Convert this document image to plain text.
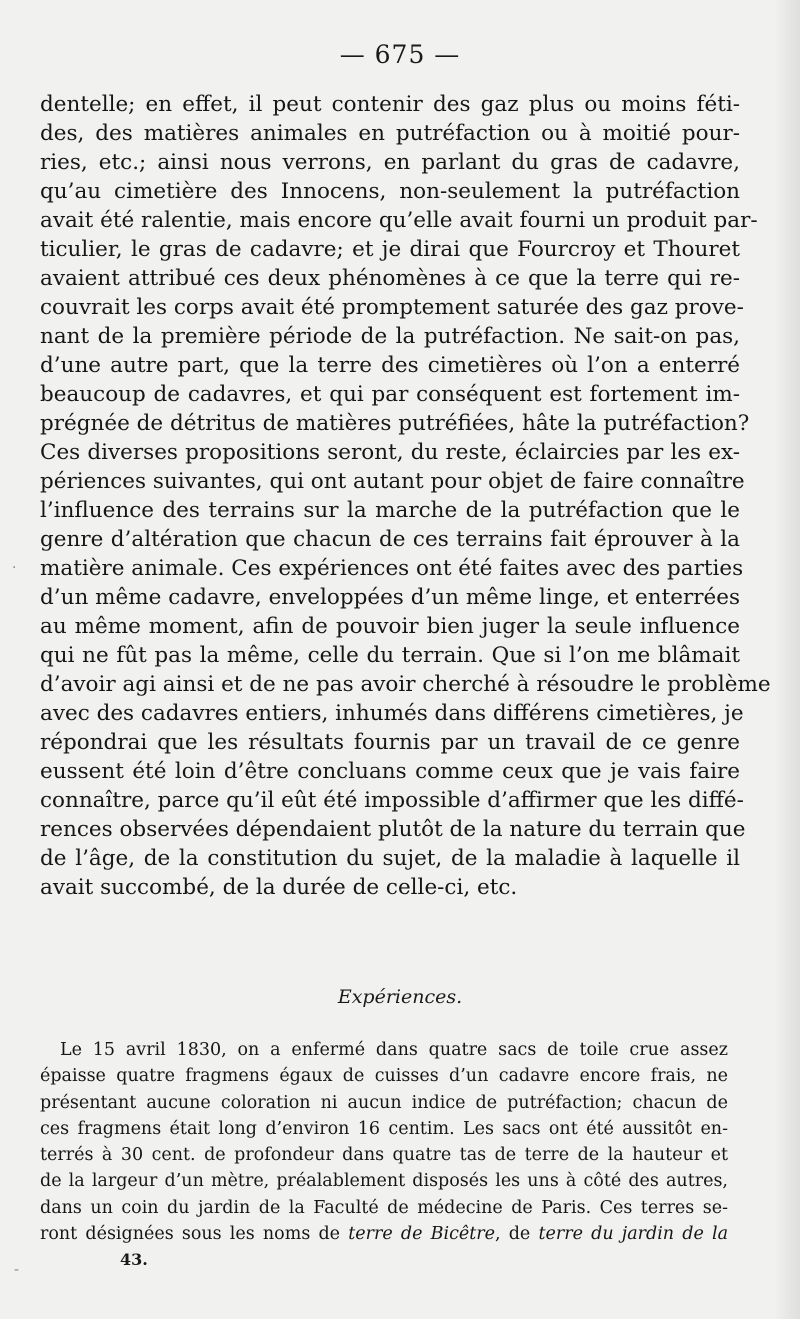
— 675 —
dentelle; en effet, il peut contenir des gaz plus ou moins féti-
des, des matières animales en putréfaction ou à moitié pour-
ries, etc.; ainsi nous verrons, en parlant du gras de cadavre,
qu’au cimetière des Innocens, non-seulement la putréfaction
avait été ralentie, mais encore qu’elle avait fourni un produit par-
ticulier, le gras de cadavre; et je dirai que Fourcroy et Thouret
avaient attribué ces deux phénomènes à ce que la terre qui re-
couvrait les corps avait été promptement saturée des gaz prove-
nant de la première période de la putréfaction. Ne sait-on pas,
d’une autre part, que la terre des cimetières où l’on a enterré
beaucoup de cadavres, et qui par conséquent est fortement im-
prégnée de détritus de matières putréfiées, hâte la putréfaction?
Ces diverses propositions seront, du reste, éclaircies par les ex-
périences suivantes, qui ont autant pour objet de faire connaître
l’influence des terrains sur la marche de la putréfaction que le
genre d’altération que chacun de ces terrains fait éprouver à la
matière animale. Ces expériences ont été faites avec des parties
d’un même cadavre, enveloppées d’un même linge, et enterrées
au même moment, afin de pouvoir bien juger la seule influence
qui ne fût pas la même, celle du terrain. Que si l’on me blâmait
d’avoir agi ainsi et de ne pas avoir cherché à résoudre le problème
avec des cadavres entiers, inhumés dans différens cimetières, je
répondrai que les résultats fournis par un travail de ce genre
eussent été loin d’être concluans comme ceux que je vais faire
connaître, parce qu’il eût été impossible d’affirmer que les diffé-
rences observées dépendaient plutôt de la nature du terrain que
de l’âge, de la constitution du sujet, de la maladie à laquelle il
avait succombé, de la durée de celle-ci, etc.
Expériences.
Le 15 avril 1830, on a enfermé dans quatre sacs de toile crue assez
épaisse quatre fragmens égaux de cuisses d’un cadavre encore frais, ne
présentant aucune coloration ni aucun indice de putréfaction; chacun de
ces fragmens était long d’environ 16 centim. Les sacs ont été aussitôt en-
terrés à 30 cent. de profondeur dans quatre tas de terre de la hauteur et
de la largeur d’un mètre, préalablement disposés les uns à côté des autres,
dans un coin du jardin de la Faculté de médecine de Paris. Ces terres se-
ront désignées sous les noms de terre de Bicêtre, de terre du jardin de la
43.
·
-
